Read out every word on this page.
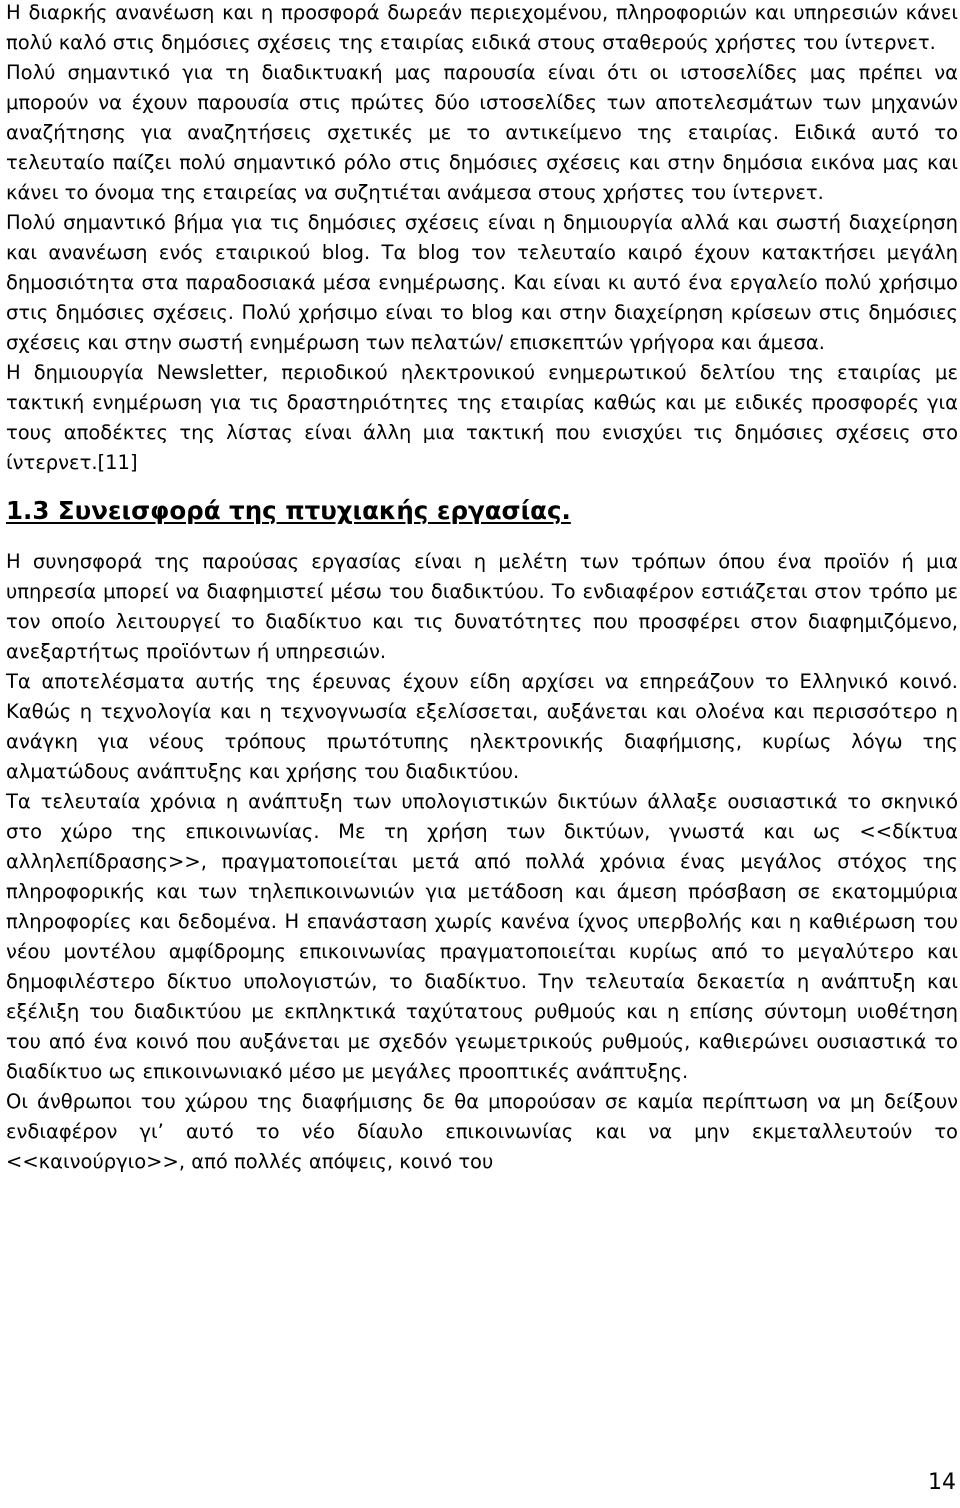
Η διαρκής ανανέωση και η προσφορά δωρεάν περιεχομένου, πληροφοριών και υπηρεσιών κάνει πολύ καλό στις δημόσιες σχέσεις της εταιρίας ειδικά στους σταθερούς χρήστες του ίντερνετ.

Πολύ σημαντικό για τη διαδικτυακή μας παρουσία είναι ότι οι ιστοσελίδες μας πρέπει να μπορούν να έχουν παρουσία στις πρώτες δύο ιστοσελίδες των αποτελεσμάτων των μηχανών αναζήτησης για αναζητήσεις σχετικές με το αντικείμενο της εταιρίας. Ειδικά αυτό το τελευταίο παίζει πολύ σημαντικό ρόλο στις δημόσιες σχέσεις και στην δημόσια εικόνα μας και κάνει το όνομα της εταιρείας να συζητιέται ανάμεσα στους χρήστες του ίντερνετ.

Πολύ σημαντικό βήμα για τις δημόσιες σχέσεις είναι η δημιουργία αλλά και σωστή διαχείρηση και ανανέωση ενός εταιρικού blog. Τα blog τον τελευταίο καιρό έχουν κατακτήσει μεγάλη δημοσιότητα στα παραδοσιακά μέσα ενημέρωσης. Και είναι κι αυτό ένα εργαλείο πολύ χρήσιμο στις δημόσιες σχέσεις. Πολύ χρήσιμο είναι το blog και στην διαχείρηση κρίσεων στις δημόσιες σχέσεις και στην σωστή ενημέρωση των πελατών/ επισκεπτών γρήγορα και άμεσα.

Η δημιουργία Newsletter, περιοδικού ηλεκτρονικού ενημερωτικού δελτίου της εταιρίας με τακτική ενημέρωση για τις δραστηριότητες της εταιρίας καθώς και με ειδικές προσφορές για τους αποδέκτες της λίστας είναι άλλη μια τακτική που ενισχύει τις δημόσιες σχέσεις στο ίντερνετ.[11]

1.3 Συνεισφορά της πτυχιακής εργασίας.

Η συνησφορά της παρούσας εργασίας είναι η μελέτη των τρόπων όπου ένα προϊόν ή μια υπηρεσία μπορεί να διαφημιστεί μέσω του διαδικτύου. Το ενδιαφέρον εστιάζεται στον τρόπο με τον οποίο λειτουργεί το διαδίκτυο και τις δυνατότητες που προσφέρει στον διαφημιζόμενο, ανεξαρτήτως προϊόντων ή υπηρεσιών.

Τα αποτελέσματα αυτής της έρευνας έχουν είδη αρχίσει να επηρεάζουν το Ελληνικό κοινό. Καθώς η τεχνολογία και η τεχνογνωσία εξελίσσεται, αυξάνεται και ολοένα και περισσότερο η ανάγκη για νέους τρόπους πρωτότυπης ηλεκτρονικής διαφήμισης, κυρίως λόγω της αλματώδους ανάπτυξης και χρήσης του διαδικτύου.

Τα τελευταία χρόνια η ανάπτυξη των υπολογιστικών δικτύων άλλαξε ουσιαστικά το σκηνικό στο χώρο της επικοινωνίας. Με τη χρήση των δικτύων, γνωστά και ως <<δίκτυα αλληλεπίδρασης>>, πραγματοποιείται μετά από πολλά χρόνια ένας μεγάλος στόχος της πληροφορικής και των τηλεπικοινωνιών για μετάδοση και άμεση πρόσβαση σε εκατομμύρια πληροφορίες και δεδομένα. Η επανάσταση χωρίς κανένα ίχνος υπερβολής και η καθιέρωση του νέου μοντέλου αμφίδρομης επικοινωνίας πραγματοποιείται κυρίως από το μεγαλύτερο και δημοφιλέστερο δίκτυο υπολογιστών, το διαδίκτυο. Την τελευταία δεκαετία η ανάπτυξη και εξέλιξη του διαδικτύου με εκπληκτικά ταχύτατους ρυθμούς και η επίσης σύντομη υιοθέτηση του από ένα κοινό που αυξάνεται με σχεδόν γεωμετρικούς ρυθμούς, καθιερώνει ουσιαστικά το διαδίκτυο ως επικοινωνιακό μέσο με μεγάλες προοπτικές ανάπτυξης.

Οι άνθρωποι του χώρου της διαφήμισης δε θα μπορούσαν σε καμία περίπτωση να μη δείξουν ενδιαφέρον γι’ αυτό το νέο δίαυλο επικοινωνίας και να μην εκμεταλλευτούν το <<καινούργιο>>, από πολλές απόψεις, κοινό του

14
